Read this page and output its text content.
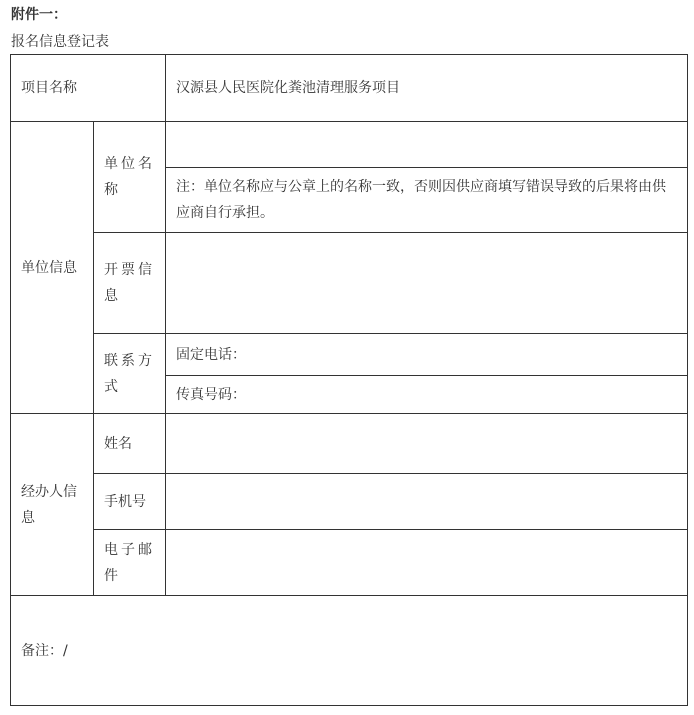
附件一：
报名信息登记表
项目名称		汉源县人民医院化粪池清理服务项目
单位信息	单位名称	
		注：单位名称应与公章上的名称一致，否则因供应商填写错误导致的后果将由供应商自行承担。
	开票信息	
	联系方式	固定电话：
		传真号码：
经办人信息	姓名	
	手机号	
	电子邮件	
备注：/		
